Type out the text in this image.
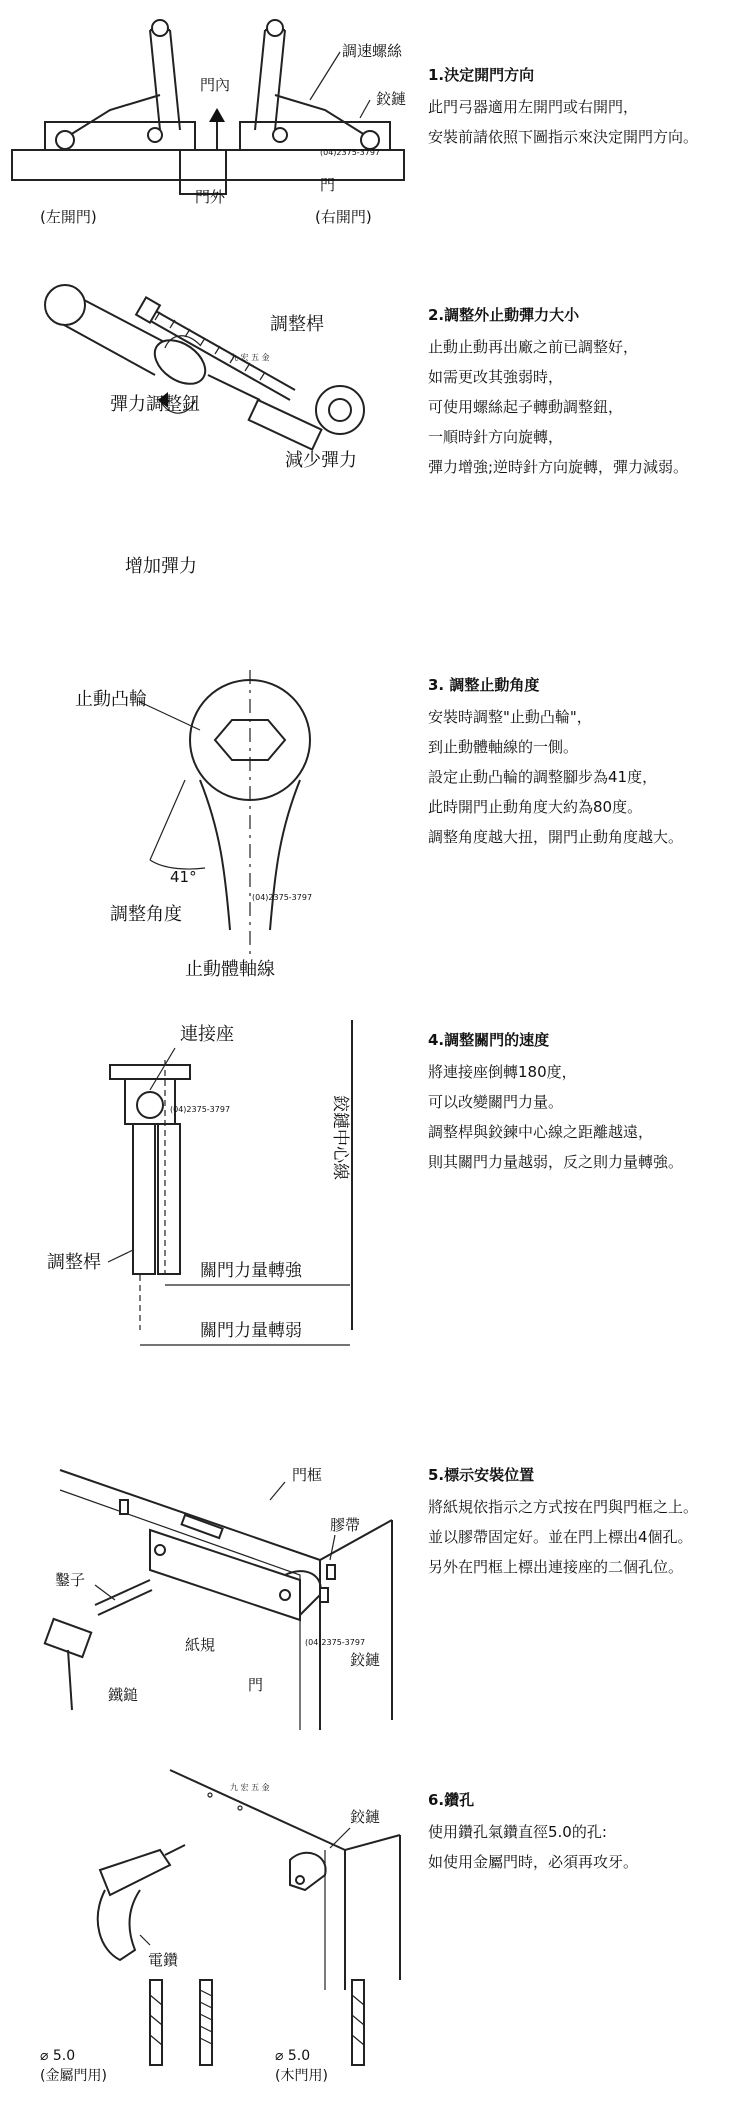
門內
門外
調速螺絲
鉸鏈
門
(左開門)	(右開門)
(04)2375-3797
1.決定開門方向
此門弓器適用左開門或右開門，
安裝前請依照下圖指示來決定開門方向。
調整桿
彈力調整鈕
減少彈力
增加彈力
九 宏 五 金
2.調整外止動彈力大小
止動止動再出廠之前已調整好，
如需更改其強弱時，
可使用螺絲起子轉動調整鈕，
一順時針方向旋轉，
彈力增強;逆時針方向旋轉，彈力減弱。
止動凸輪
41°
調整角度
止動體軸線
(04)2375-3797
3. 調整止動角度
安裝時調整"止動凸輪"，
到止動體軸線的一側。
設定止動凸輪的調整腳步為41度，
此時開門止動角度大約為80度。
調整角度越大扭，開門止動角度越大。
連接座
調整桿	關門力量轉強
關門力量轉弱
鉸鏈中心線
(04)2375-3797
4.調整關門的速度
將連接座倒轉180度，
可以改變關門力量。
調整桿與鉸鍊中心線之距離越遠，
則其關門力量越弱，反之則力量轉強。
門框
膠帶
鑿子
紙規
鐵鎚
門
鉸鏈
(04)2375-3797
5.標示安裝位置
將紙規依指示之方式按在門與門框之上。
並以膠帶固定好。並在門上標出4個孔。
另外在門框上標出連接座的二個孔位。
鉸鏈
電鑽
⌀ 5.0
(金屬門用)
⌀ 5.0
(木門用)
九 宏 五 金
6.鑽孔
使用鑽孔氣鑽直徑5.0的孔:
如使用金屬門時，必須再攻牙。
